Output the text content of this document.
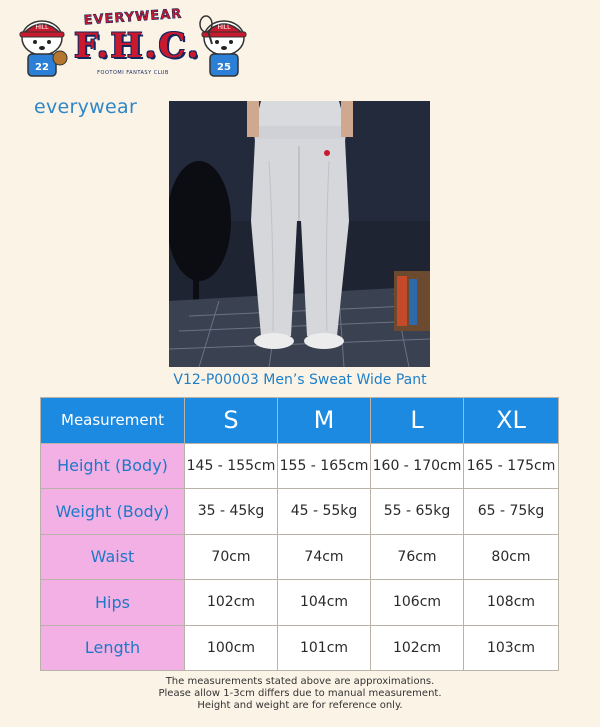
HILL
22
EVERYWEAR
F.H.C.
FOOTOMI FANTASY CLUB
HILL
25
everywear
V12-P00003 Men’s Sweat Wide Pant
Measurement	S	M	L	XL
Height (Body)	145 - 155cm	155 - 165cm	160 - 170cm	165 - 175cm
Weight (Body)	35 - 45kg	45 - 55kg	55 - 65kg	65 - 75kg
Waist	70cm	74cm	76cm	80cm
Hips	102cm	104cm	106cm	108cm
Length	100cm	101cm	102cm	103cm
The measurements stated above are approximations.
Please allow 1-3cm differs due to manual measurement.
Height and weight are for reference only.
